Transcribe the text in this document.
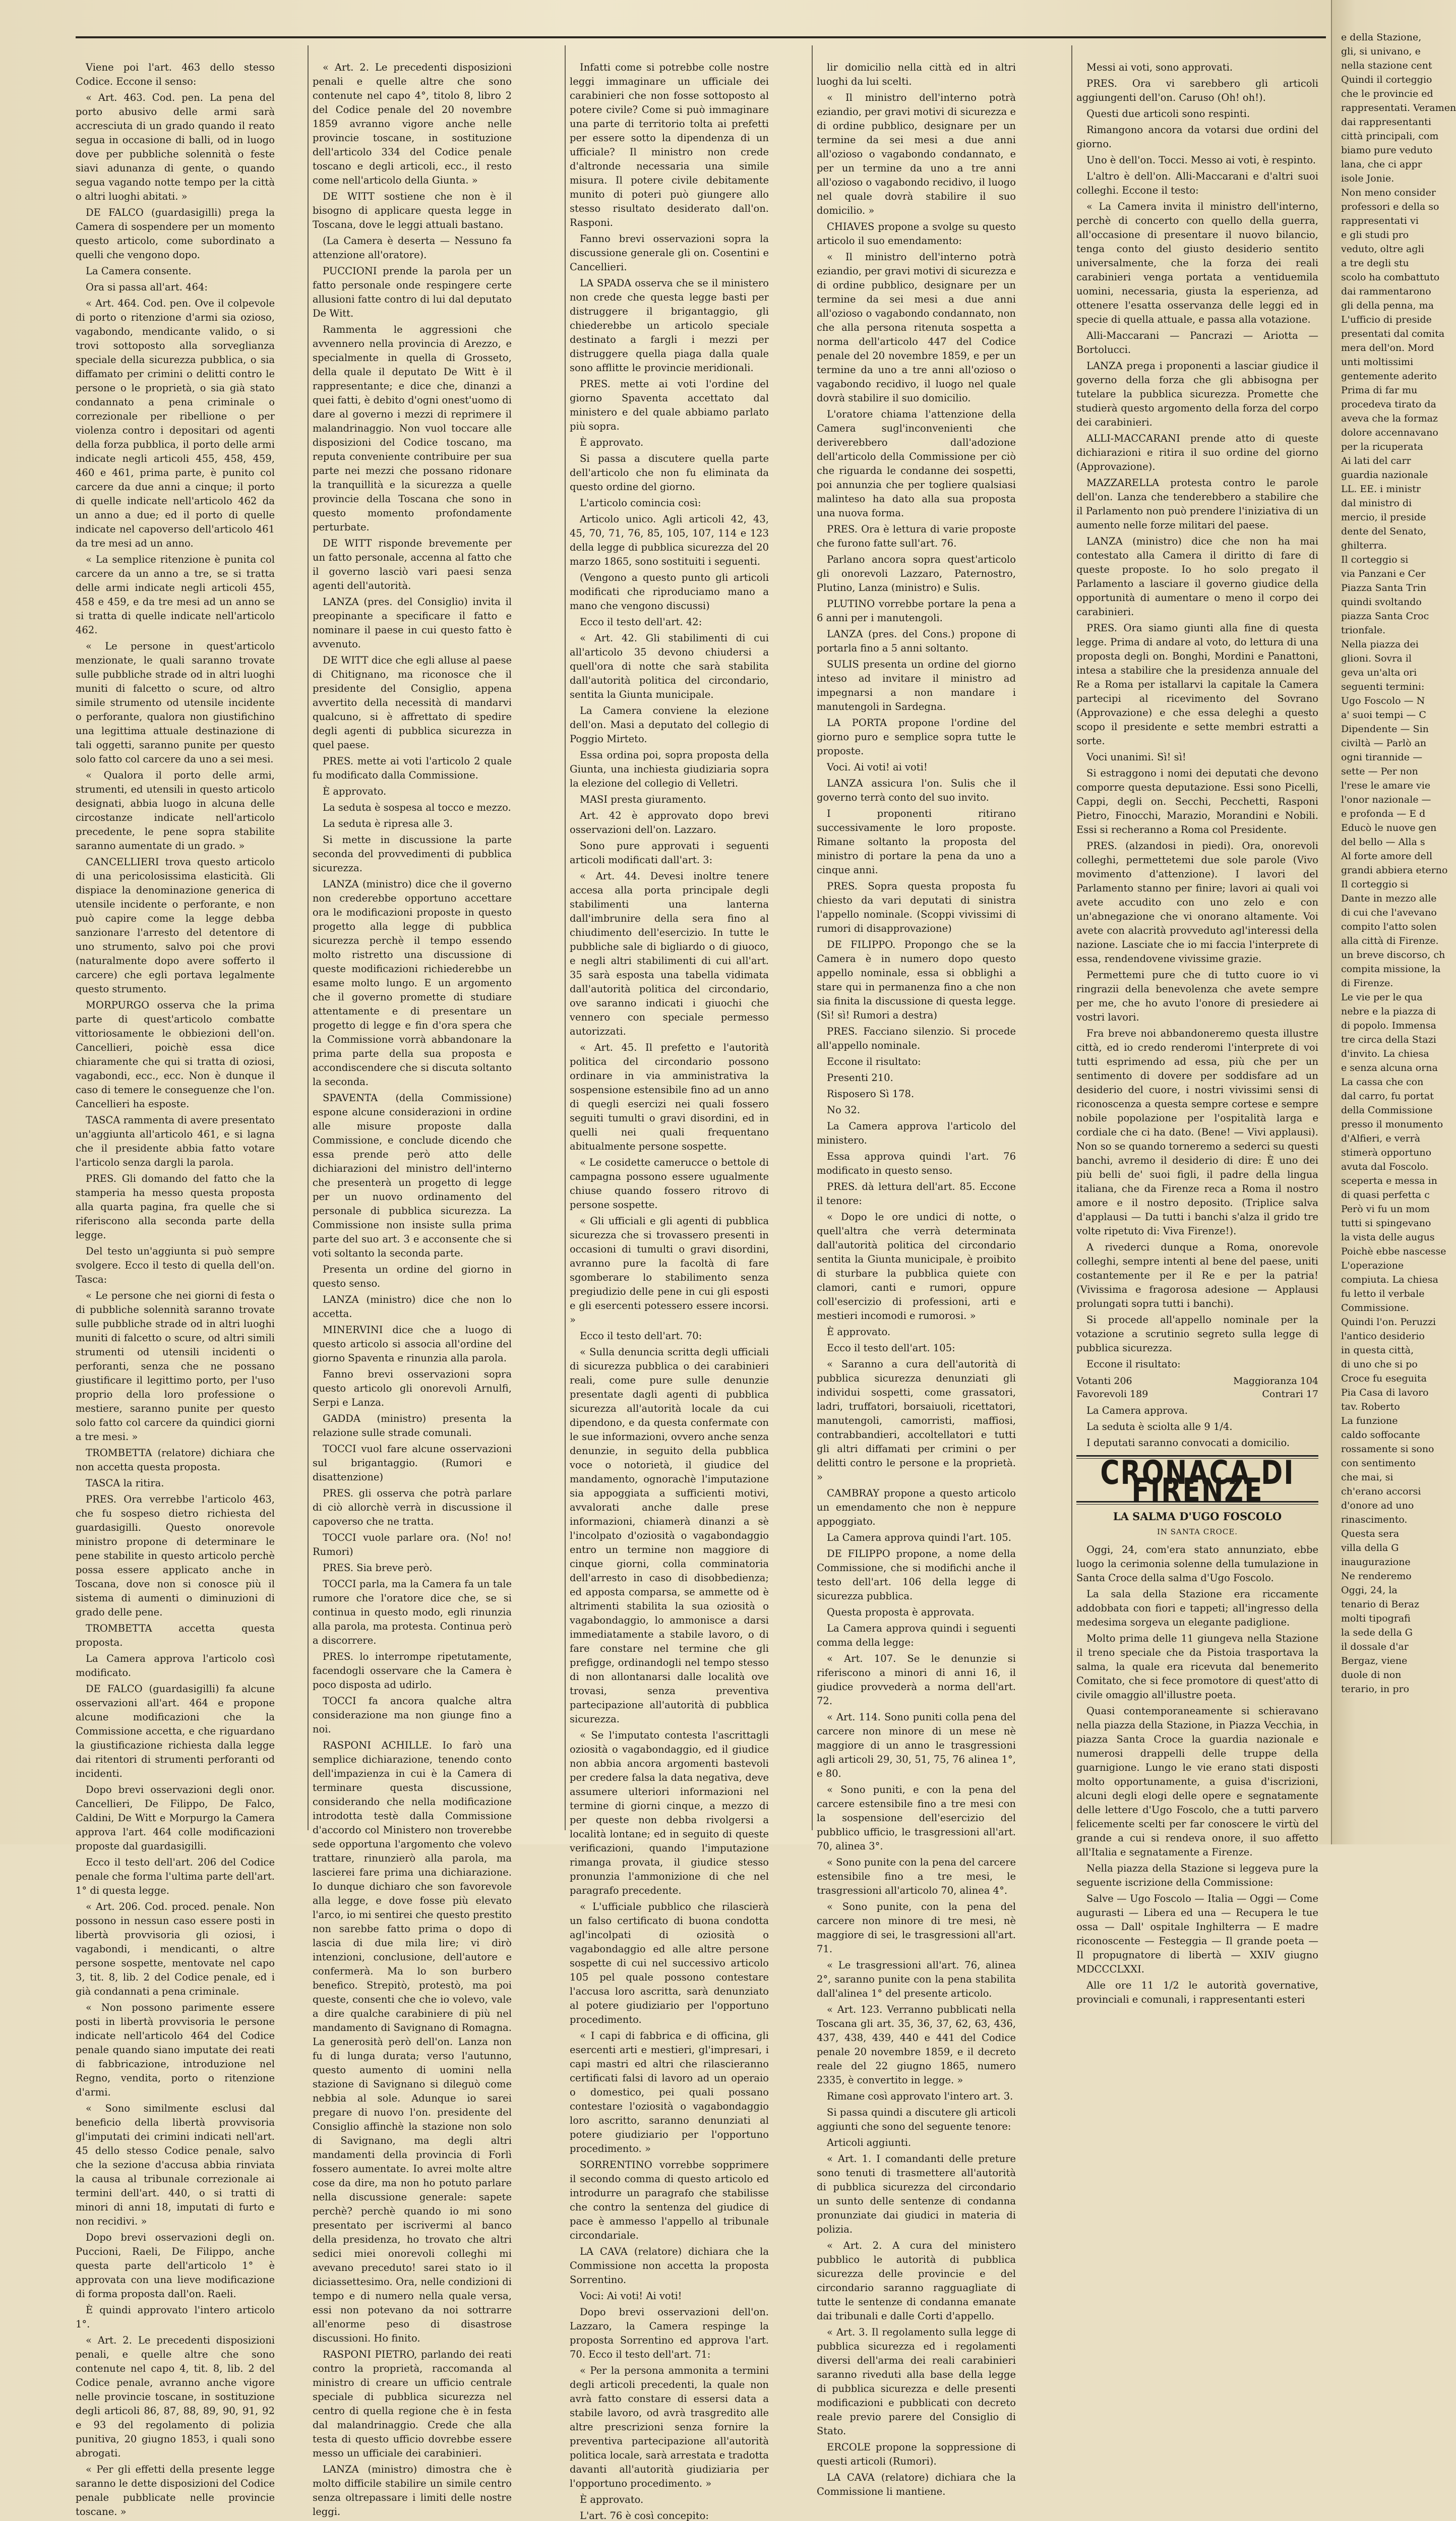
Viene poi l'art. 463 dello stesso Codice. Eccone il senso:

« Art. 463. Cod. pen. La pena del porto abusivo delle armi sarà accresciuta di un grado quando il reato segua in occasione di balli, od in luogo dove per pubbliche solennità o feste siavi adunanza di gente, o quando segua vagando notte tempo per la città o altri luoghi abitati. »

DE FALCO (guardasigilli) prega la Camera di sospendere per un momento questo articolo, come subordinato a quelli che vengono dopo.

La Camera consente.

Ora si passa all'art. 464:

« Art. 464. Cod. pen. Ove il colpevole di porto o ritenzione d'armi sia ozioso, vagabondo, mendicante valido, o si trovi sottoposto alla sorveglianza speciale della sicurezza pubblica, o sia diffamato per crimini o delitti contro le persone o le proprietà, o sia già stato condannato a pena criminale o correzionale per ribellione o per violenza contro i depositari od agenti della forza pubblica, il porto delle armi indicate negli articoli 455, 458, 459, 460 e 461, prima parte, è punito col carcere da due anni a cinque; il porto di quelle indicate nell'articolo 462 da un anno a due; ed il porto di quelle indicate nel capoverso dell'articolo 461 da tre mesi ad un anno.

« La semplice ritenzione è punita col carcere da un anno a tre, se si tratta delle armi indicate negli articoli 455, 458 e 459, e da tre mesi ad un anno se si tratta di quelle indicate nell'articolo 462.

« Le persone in quest'articolo menzionate, le quali saranno trovate sulle pubbliche strade od in altri luoghi muniti di falcetto o scure, od altro simile strumento od utensile incidente o perforante, qualora non giustifichino una legittima attuale destinazione di tali oggetti, saranno punite per questo solo fatto col carcere da uno a sei mesi.

« Qualora il porto delle armi, strumenti, ed utensili in questo articolo designati, abbia luogo in alcuna delle circostanze indicate nell'articolo precedente, le pene sopra stabilite saranno aumentate di un grado. »

CANCELLIERI trova questo articolo di una pericolosissima elasticità. Gli dispiace la denominazione generica di utensile incidente o perforante, e non può capire come la legge debba sanzionare l'arresto del detentore di uno strumento, salvo poi che provi (naturalmente dopo avere sofferto il carcere) che egli portava legalmente questo strumento.

MORPURGO osserva che la prima parte di quest'articolo combatte vittoriosamente le obbiezioni dell'on. Cancellieri, poichè essa dice chiaramente che qui si tratta di oziosi, vagabondi, ecc., ecc. Non è dunque il caso di temere le conseguenze che l'on. Cancellieri ha esposte.

TASCA rammenta di avere presentato un'aggiunta all'articolo 461, e si lagna che il presidente abbia fatto votare l'articolo senza dargli la parola.

PRES. Gli domando del fatto che la stamperia ha messo questa proposta alla quarta pagina, fra quelle che si riferiscono alla seconda parte della legge.

Del testo un'aggiunta si può sempre svolgere. Ecco il testo di quella dell'on. Tasca:

« Le persone che nei giorni di festa o di pubbliche solennità saranno trovate sulle pubbliche strade od in altri luoghi muniti di falcetto o scure, od altri simili strumenti od utensili incidenti o perforanti, senza che ne possano giustificare il legittimo porto, per l'uso proprio della loro professione o mestiere, saranno punite per questo solo fatto col carcere da quindici giorni a tre mesi. »

TROMBETTA (relatore) dichiara che non accetta questa proposta.

TASCA la ritira.

PRES. Ora verrebbe l'articolo 463, che fu sospeso dietro richiesta del guardasigilli. Questo onorevole ministro propone di determinare le pene stabilite in questo articolo perchè possa essere applicato anche in Toscana, dove non si conosce più il sistema di aumenti o diminuzioni di grado delle pene.

TROMBETTA accetta questa proposta.

La Camera approva l'articolo così modificato.

DE FALCO (guardasigilli) fa alcune osservazioni all'art. 464 e propone alcune modificazioni che la Commissione accetta, e che riguardano la giustificazione richiesta dalla legge dai ritentori di strumenti perforanti od incidenti.

Dopo brevi osservazioni degli onor. Cancellieri, De Filippo, De Falco, Caldini, De Witt e Morpurgo la Camera approva l'art. 464 colle modificazioni proposte dal guardasigilli.

Ecco il testo dell'art. 206 del Codice penale che forma l'ultima parte dell'art. 1° di questa legge.

« Art. 206. Cod. proced. penale. Non possono in nessun caso essere posti in libertà provvisoria gli oziosi, i vagabondi, i mendicanti, o altre persone sospette, mentovate nel capo 3, tit. 8, lib. 2 del Codice penale, ed i già condannati a pena criminale.

« Non possono parimente essere posti in libertà provvisoria le persone indicate nell'articolo 464 del Codice penale quando siano imputate dei reati di fabbricazione, introduzione nel Regno, vendita, porto o ritenzione d'armi.

« Sono similmente esclusi dal beneficio della libertà provvisoria gl'imputati dei crimini indicati nell'art. 45 dello stesso Codice penale, salvo che la sezione d'accusa abbia rinviata la causa al tribunale correzionale ai termini dell'art. 440, o si tratti di minori di anni 18, imputati di furto e non recidivi. »

Dopo brevi osservazioni degli on. Puccioni, Raeli, De Filippo, anche questa parte dell'articolo 1° è approvata con una lieve modificazione di forma proposta dall'on. Raeli.

È quindi approvato l'intero articolo 1°.

« Art. 2. Le precedenti disposizioni penali, e quelle altre che sono contenute nel capo 4, tit. 8, lib. 2 del Codice penale, avranno anche vigore nelle provincie toscane, in sostituzione degli articoli 86, 87, 88, 89, 90, 91, 92 e 93 del regolamento di polizia punitiva, 20 giugno 1853, i quali sono abrogati.

« Per gli effetti della presente legge saranno le dette disposizioni del Codice penale pubblicate nelle provincie toscane. »

« Art. 2. Le precedenti disposizioni penali e quelle altre che sono contenute nel capo 4°, titolo 8, libro 2 del Codice penale del 20 novembre 1859 avranno vigore anche nelle provincie toscane, in sostituzione dell'articolo 334 del Codice penale toscano e degli articoli, ecc., il resto come nell'articolo della Giunta. »

DE WITT sostiene che non è il bisogno di applicare questa legge in Toscana, dove le leggi attuali bastano.

(La Camera è deserta — Nessuno fa attenzione all'oratore).

PUCCIONI prende la parola per un fatto personale onde respingere certe allusioni fatte contro di lui dal deputato De Witt.

Rammenta le aggressioni che avvennero nella provincia di Arezzo, e specialmente in quella di Grosseto, della quale il deputato De Witt è il rappresentante; e dice che, dinanzi a quei fatti, è debito d'ogni onest'uomo di dare al governo i mezzi di reprimere il malandrinaggio. Non vuol toccare alle disposizioni del Codice toscano, ma reputa conveniente contribuire per sua parte nei mezzi che possano ridonare la tranquillità e la sicurezza a quelle provincie della Toscana che sono in questo momento profondamente perturbate.

DE WITT risponde brevemente per un fatto personale, accenna al fatto che il governo lasciò vari paesi senza agenti dell'autorità.

LANZA (pres. del Consiglio) invita il preopinante a specificare il fatto e nominare il paese in cui questo fatto è avvenuto.

DE WITT dice che egli alluse al paese di Chitignano, ma riconosce che il presidente del Consiglio, appena avvertito della necessità di mandarvi qualcuno, si è affrettato di spedire degli agenti di pubblica sicurezza in quel paese.

PRES. mette ai voti l'articolo 2 quale fu modificato dalla Commissione.

È approvato.

La seduta è sospesa al tocco e mezzo.

La seduta è ripresa alle 3.

Si mette in discussione la parte seconda del provvedimenti di pubblica sicurezza.

LANZA (ministro) dice che il governo non crederebbe opportuno accettare ora le modificazioni proposte in questo progetto alla legge di pubblica sicurezza perchè il tempo essendo molto ristretto una discussione di queste modificazioni richiederebbe un esame molto lungo. E un argomento che il governo promette di studiare attentamente e di presentare un progetto di legge e fin d'ora spera che la Commissione vorrà abbandonare la prima parte della sua proposta e accondiscendere che si discuta soltanto la seconda.

SPAVENTA (della Commissione) espone alcune considerazioni in ordine alle misure proposte dalla Commissione, e conclude dicendo che essa prende però atto delle dichiarazioni del ministro dell'interno che presenterà un progetto di legge per un nuovo ordinamento del personale di pubblica sicurezza. La Commissione non insiste sulla prima parte del suo art. 3 e acconsente che si voti soltanto la seconda parte.

Presenta un ordine del giorno in questo senso.

LANZA (ministro) dice che non lo accetta.

MINERVINI dice che a luogo di questo articolo si associa all'ordine del giorno Spaventa e rinunzia alla parola.

Fanno brevi osservazioni sopra questo articolo gli onorevoli Arnulfi, Serpi e Lanza.

GADDA (ministro) presenta la relazione sulle strade comunali.

TOCCI vuol fare alcune osservazioni sul brigantaggio. (Rumori e disattenzione)

PRES. gli osserva che potrà parlare di ciò allorchè verrà in discussione il capoverso che ne tratta.

TOCCI vuole parlare ora. (No! no! Rumori)

PRES. Sia breve però.

TOCCI parla, ma la Camera fa un tale rumore che l'oratore dice che, se si continua in questo modo, egli rinunzia alla parola, ma protesta. Continua però a discorrere.

PRES. lo interrompe ripetutamente, facendogli osservare che la Camera è poco disposta ad udirlo.

TOCCI fa ancora qualche altra considerazione ma non giunge fino a noi.

RASPONI ACHILLE. Io farò una semplice dichiarazione, tenendo conto dell'impazienza in cui è la Camera di terminare questa discussione, considerando che nella modificazione introdotta testè dalla Commissione d'accordo col Ministero non troverebbe sede opportuna l'argomento che volevo trattare, rinunzierò alla parola, ma lascierei fare prima una dichiarazione. Io dunque dichiaro che son favorevole alla legge, e dove fosse più elevato l'arco, io mi sentirei che questo prestito non sarebbe fatto prima o dopo di lascia di due mila lire; vi dirò intenzioni, conclusione, dell'autore e confermerà. Ma lo son burbero benefico. Strepitò, protestò, ma poi queste, consenti che che io volevo, vale a dire qualche carabiniere di più nel mandamento di Savignano di Romagna. La generosità però dell'on. Lanza non fu di lunga durata; verso l'autunno, questo aumento di uomini nella stazione di Savignano si dileguò come nebbia al sole. Adunque io sarei pregare di nuovo l'on. presidente del Consiglio affinchè la stazione non solo di Savignano, ma degli altri mandamenti della provincia di Forlì fossero aumentate. Io avrei molte altre cose da dire, ma non ho potuto parlare nella discussione generale: sapete perchè? perchè quando io mi sono presentato per iscrivermi al banco della presidenza, ho trovato che altri sedici miei onorevoli colleghi mi avevano preceduto! sarei stato io il diciassettesimo. Ora, nelle condizioni di tempo e di numero nella quale versa, essi non potevano da noi sottrarre all'enorme peso di disastrose discussioni. Ho finito.

RASPONI PIETRO, parlando dei reati contro la proprietà, raccomanda al ministro di creare un ufficio centrale speciale di pubblica sicurezza nel centro di quella regione che è in festa dal malandrinaggio. Crede che alla testa di questo ufficio dovrebbe essere messo un ufficiale dei carabinieri.

LANZA (ministro) dimostra che è molto difficile stabilire un simile centro senza oltrepassare i limiti delle nostre leggi.

Infatti come si potrebbe colle nostre leggi immaginare un ufficiale dei carabinieri che non fosse sottoposto al potere civile? Come si può immaginare una parte di territorio tolta ai prefetti per essere sotto la dipendenza di un ufficiale? Il ministro non crede d'altronde necessaria una simile misura. Il potere civile debitamente munito di poteri può giungere allo stesso risultato desiderato dall'on. Rasponi.

Fanno brevi osservazioni sopra la discussione generale gli on. Cosentini e Cancellieri.

LA SPADA osserva che se il ministero non crede che questa legge basti per distruggere il brigantaggio, gli chiederebbe un articolo speciale destinato a fargli i mezzi per distruggere quella piaga dalla quale sono afflitte le provincie meridionali.

PRES. mette ai voti l'ordine del giorno Spaventa accettato dal ministero e del quale abbiamo parlato più sopra.

È approvato.

Si passa a discutere quella parte dell'articolo che non fu eliminata da questo ordine del giorno.

L'articolo comincia così:

Articolo unico. Agli articoli 42, 43, 45, 70, 71, 76, 85, 105, 107, 114 e 123 della legge di pubblica sicurezza del 20 marzo 1865, sono sostituiti i seguenti.

(Vengono a questo punto gli articoli modificati che riproduciamo mano a mano che vengono discussi)

Ecco il testo dell'art. 42:

« Art. 42. Gli stabilimenti di cui all'articolo 35 devono chiudersi a quell'ora di notte che sarà stabilita dall'autorità politica del circondario, sentita la Giunta municipale.

La Camera conviene la elezione dell'on. Masi a deputato del collegio di Poggio Mirteto.

Essa ordina poi, sopra proposta della Giunta, una inchiesta giudiziaria sopra la elezione del collegio di Velletri.

MASI presta giuramento.

Art. 42 è approvato dopo brevi osservazioni dell'on. Lazzaro.

Sono pure approvati i seguenti articoli modificati dall'art. 3:

« Art. 44. Devesi inoltre tenere accesa alla porta principale degli stabilimenti una lanterna dall'imbrunire della sera fino al chiudimento dell'esercizio. In tutte le pubbliche sale di bigliardo o di giuoco, e negli altri stabilimenti di cui all'art. 35 sarà esposta una tabella vidimata dall'autorità politica del circondario, ove saranno indicati i giuochi che vennero con speciale permesso autorizzati.

« Art. 45. Il prefetto e l'autorità politica del circondario possono ordinare in via amministrativa la sospensione estensibile fino ad un anno di quegli esercizi nei quali fossero seguiti tumulti o gravi disordini, ed in quelli nei quali frequentano abitualmente persone sospette.

« Le cosidette camerucce o bettole di campagna possono essere ugualmente chiuse quando fossero ritrovo di persone sospette.

« Gli ufficiali e gli agenti di pubblica sicurezza che si trovassero presenti in occasioni di tumulti o gravi disordini, avranno pure la facoltà di fare sgomberare lo stabilimento senza pregiudizio delle pene in cui gli esposti e gli esercenti potessero essere incorsi. »

Ecco il testo dell'art. 70:

« Sulla denuncia scritta degli ufficiali di sicurezza pubblica o dei carabinieri reali, come pure sulle denunzie presentate dagli agenti di pubblica sicurezza all'autorità locale da cui dipendono, e da questa confermate con le sue informazioni, ovvero anche senza denunzie, in seguito della pubblica voce o notorietà, il giudice del mandamento, ognorachè l'imputazione sia appoggiata a sufficienti motivi, avvalorati anche dalle prese informazioni, chiamerà dinanzi a sè l'incolpato d'oziosità o vagabondaggio entro un termine non maggiore di cinque giorni, colla comminatoria dell'arresto in caso di disobbedienza; ed apposta comparsa, se ammette od è altrimenti stabilita la sua oziosità o vagabondaggio, lo ammonisce a darsi immediatamente a stabile lavoro, o di fare constare nel termine che gli prefigge, ordinandogli nel tempo stesso di non allontanarsi dalle località ove trovasi, senza preventiva partecipazione all'autorità di pubblica sicurezza.

« Se l'imputato contesta l'ascrittagli oziosità o vagabondaggio, ed il giudice non abbia ancora argomenti bastevoli per credere falsa la data negativa, deve assumere ulteriori informazioni nel termine di giorni cinque, a mezzo di per queste non debba rivolgersi a località lontane; ed in seguito di queste verificazioni, quando l'imputazione rimanga provata, il giudice stesso pronunzia l'ammonizione di che nel paragrafo precedente.

« L'ufficiale pubblico che rilascierà un falso certificato di buona condotta agl'incolpati di oziosità o vagabondaggio ed alle altre persone sospette di cui nel successivo articolo 105 pel quale possono contestare l'accusa loro ascritta, sarà denunziato al potere giudiziario per l'opportuno procedimento.

« I capi di fabbrica e di officina, gli esercenti arti e mestieri, gl'impresari, i capi mastri ed altri che rilascieranno certificati falsi di lavoro ad un operaio o domestico, pei quali possano contestare l'oziosità o vagabondaggio loro ascritto, saranno denunziati al potere giudiziario per l'opportuno procedimento. »

SORRENTINO vorrebbe sopprimere il secondo comma di questo articolo ed introdurre un paragrafo che stabilisse che contro la sentenza del giudice di pace è ammesso l'appello al tribunale circondariale.

LA CAVA (relatore) dichiara che la Commissione non accetta la proposta Sorrentino.

Voci: Ai voti! Ai voti!

Dopo brevi osservazioni dell'on. Lazzaro, la Camera respinge la proposta Sorrentino ed approva l'art. 70. Ecco il testo dell'art. 71:

« Per la persona ammonita a termini degli articoli precedenti, la quale non avrà fatto constare di essersi data a stabile lavoro, od avrà trasgredito alle altre prescrizioni senza fornire la preventiva partecipazione all'autorità politica locale, sarà arrestata e tradotta davanti all'autorità giudiziaria per l'opportuno procedimento. »

È approvato.

L'art. 76 è così concepito:

lir domicilio nella città ed in altri luoghi da lui scelti.

« Il ministro dell'interno potrà eziandio, per gravi motivi di sicurezza e di ordine pubblico, designare per un termine da sei mesi a due anni all'ozioso o vagabondo condannato, e per un termine da uno a tre anni all'ozioso o vagabondo recidivo, il luogo nel quale dovrà stabilire il suo domicilio. »

CHIAVES propone a svolge su questo articolo il suo emendamento:

« Il ministro dell'interno potrà eziandio, per gravi motivi di sicurezza e di ordine pubblico, designare per un termine da sei mesi a due anni all'ozioso o vagabondo condannato, non che alla persona ritenuta sospetta a norma dell'articolo 447 del Codice penale del 20 novembre 1859, e per un termine da uno a tre anni all'ozioso o vagabondo recidivo, il luogo nel quale dovrà stabilire il suo domicilio.

L'oratore chiama l'attenzione della Camera sugl'inconvenienti che deriverebbero dall'adozione dell'articolo della Commissione per ciò che riguarda le condanne dei sospetti, poi annunzia che per togliere qualsiasi malinteso ha dato alla sua proposta una nuova forma.

PRES. Ora è lettura di varie proposte che furono fatte sull'art. 76.

Parlano ancora sopra quest'articolo gli onorevoli Lazzaro, Paternostro, Plutino, Lanza (ministro) e Sulis.

PLUTINO vorrebbe portare la pena a 6 anni per i manutengoli.

LANZA (pres. del Cons.) propone di portarla fino a 5 anni soltanto.

SULIS presenta un ordine del giorno inteso ad invitare il ministro ad impegnarsi a non mandare i manutengoli in Sardegna.

LA PORTA propone l'ordine del giorno puro e semplice sopra tutte le proposte.

Voci. Ai voti! ai voti!

LANZA assicura l'on. Sulis che il governo terrà conto del suo invito.

I proponenti ritirano successivamente le loro proposte. Rimane soltanto la proposta del ministro di portare la pena da uno a cinque anni.

PRES. Sopra questa proposta fu chiesto da vari deputati di sinistra l'appello nominale. (Scoppi vivissimi di rumori di disapprovazione)

DE FILIPPO. Propongo che se la Camera è in numero dopo questo appello nominale, essa si obblighi a stare qui in permanenza fino a che non sia finita la discussione di questa legge. (Sì! sì! Rumori a destra)

PRES. Facciano silenzio. Si procede all'appello nominale.

Eccone il risultato:

Presenti 210.

Risposero Sì 178.

No 32.

La Camera approva l'articolo del ministero.

Essa approva quindi l'art. 76 modificato in questo senso.

PRES. dà lettura dell'art. 85. Eccone il tenore:

« Dopo le ore undici di notte, o quell'altra che verrà determinata dall'autorità politica del circondario sentita la Giunta municipale, è proibito di sturbare la pubblica quiete con clamori, canti e rumori, oppure coll'esercizio di professioni, arti e mestieri incomodi e rumorosi. »

È approvato.

Ecco il testo dell'art. 105:

« Saranno a cura dell'autorità di pubblica sicurezza denunziati gli individui sospetti, come grassatori, ladri, truffatori, borsaiuoli, ricettatori, manutengoli, camorristi, maffiosi, contrabbandieri, accoltellatori e tutti gli altri diffamati per crimini o per delitti contro le persone e la proprietà. »

CAMBRAY propone a questo articolo un emendamento che non è neppure appoggiato.

La Camera approva quindi l'art. 105.

DE FILIPPO propone, a nome della Commissione, che si modifichi anche il testo dell'art. 106 della legge di sicurezza pubblica.

Questa proposta è approvata.

La Camera approva quindi i seguenti comma della legge:

« Art. 107. Se le denunzie si riferiscono a minori di anni 16, il giudice provvederà a norma dell'art. 72.

« Art. 114. Sono puniti colla pena del carcere non minore di un mese nè maggiore di un anno le trasgressioni agli articoli 29, 30, 51, 75, 76 alinea 1°, e 80.

« Sono puniti, e con la pena del carcere estensibile fino a tre mesi con la sospensione dell'esercizio del pubblico ufficio, le trasgressioni all'art. 70, alinea 3°.

« Sono punite con la pena del carcere estensibile fino a tre mesi, le trasgressioni all'articolo 70, alinea 4°.

« Sono punite, con la pena del carcere non minore di tre mesi, nè maggiore di sei, le trasgressioni all'art. 71.

« Le trasgressioni all'art. 76, alinea 2°, saranno punite con la pena stabilita dall'alinea 1° del presente articolo.

« Art. 123. Verranno pubblicati nella Toscana gli art. 35, 36, 37, 62, 63, 436, 437, 438, 439, 440 e 441 del Codice penale 20 novembre 1859, e il decreto reale del 22 giugno 1865, numero 2335, è convertito in legge. »

Rimane così approvato l'intero art. 3.

Si passa quindi a discutere gli articoli aggiunti che sono del seguente tenore:

Articoli aggiunti.

« Art. 1. I comandanti delle preture sono tenuti di trasmettere all'autorità di pubblica sicurezza del circondario un sunto delle sentenze di condanna pronunziate dai giudici in materia di polizia.

« Art. 2. A cura del ministero pubblico le autorità di pubblica sicurezza delle provincie e del circondario saranno ragguagliate di tutte le sentenze di condanna emanate dai tribunali e dalle Corti d'appello.

« Art. 3. Il regolamento sulla legge di pubblica sicurezza ed i regolamenti diversi dell'arma dei reali carabinieri saranno riveduti alla base della legge di pubblica sicurezza e delle presenti modificazioni e pubblicati con decreto reale previo parere del Consiglio di Stato.

ERCOLE propone la soppressione di questi articoli (Rumori).

LA CAVA (relatore) dichiara che la Commissione li mantiene.

Messi ai voti, sono approvati.

PRES. Ora vi sarebbero gli articoli aggiungenti dell'on. Caruso (Oh! oh!).

Questi due articoli sono respinti.

Rimangono ancora da votarsi due ordini del giorno.

Uno è dell'on. Tocci. Messo ai voti, è respinto.

L'altro è dell'on. Alli-Maccarani e d'altri suoi colleghi. Eccone il testo:

« La Camera invita il ministro dell'interno, perchè di concerto con quello della guerra, all'occasione di presentare il nuovo bilancio, tenga conto del giusto desiderio sentito universalmente, che la forza dei reali carabinieri venga portata a ventiduemila uomini, necessaria, giusta la esperienza, ad ottenere l'esatta osservanza delle leggi ed in specie di quella attuale, e passa alla votazione.

Alli-Maccarani — Pancrazi — Ariotta — Bortolucci.

LANZA prega i proponenti a lasciar giudice il governo della forza che gli abbisogna per tutelare la pubblica sicurezza. Promette che studierà questo argomento della forza del corpo dei carabinieri.

ALLI-MACCARANI prende atto di queste dichiarazioni e ritira il suo ordine del giorno (Approvazione).

MAZZARELLA protesta contro le parole dell'on. Lanza che tenderebbero a stabilire che il Parlamento non può prendere l'iniziativa di un aumento nelle forze militari del paese.

LANZA (ministro) dice che non ha mai contestato alla Camera il diritto di fare di queste proposte. Io ho solo pregato il Parlamento a lasciare il governo giudice della opportunità di aumentare o meno il corpo dei carabinieri.

PRES. Ora siamo giunti alla fine di questa legge. Prima di andare al voto, do lettura di una proposta degli on. Bonghi, Mordini e Panattoni, intesa a stabilire che la presidenza annuale del Re a Roma per istallarvi la capitale la Camera partecipi al ricevimento del Sovrano (Approvazione) e che essa deleghi a questo scopo il presidente e sette membri estratti a sorte.

Voci unanimi. Sì! sì!

Si estraggono i nomi dei deputati che devono comporre questa deputazione. Essi sono Picelli, Cappi, degli on. Secchi, Pecchetti, Rasponi Pietro, Finocchi, Marazio, Morandini e Nobili. Essi si recheranno a Roma col Presidente.

PRES. (alzandosi in piedi). Ora, onorevoli colleghi, permettetemi due sole parole (Vivo movimento d'attenzione). I lavori del Parlamento stanno per finire; lavori ai quali voi avete accudito con uno zelo e con un'abnegazione che vi onorano altamente. Voi avete con alacrità provveduto agl'interessi della nazione. Lasciate che io mi faccia l'interprete di essa, rendendovene vivissime grazie.

Permettemi pure che di tutto cuore io vi ringrazii della benevolenza che avete sempre per me, che ho avuto l'onore di presiedere ai vostri lavori.

Fra breve noi abbandoneremo questa illustre città, ed io credo renderomi l'interprete di voi tutti esprimendo ad essa, più che per un sentimento di dovere per soddisfare ad un desiderio del cuore, i nostri vivissimi sensi di riconoscenza a questa sempre cortese e sempre nobile popolazione per l'ospitalità larga e cordiale che ci ha dato. (Bene! — Vivi applausi). Non so se quando torneremo a sederci su questi banchi, avremo il desiderio di dire: È uno dei più belli de' suoi figli, il padre della lingua italiana, che da Firenze reca a Roma il nostro amore e il nostro deposito. (Triplice salva d'applausi — Da tutti i banchi s'alza il grido tre volte ripetuto di: Viva Firenze!).

A rivederci dunque a Roma, onorevole colleghi, sempre intenti al bene del paese, uniti costantemente per il Re e per la patria! (Vivissima e fragorosa adesione — Applausi prolungati sopra tutti i banchi).

Si procede all'appello nominale per la votazione a scrutinio segreto sulla legge di pubblica sicurezza.

Eccone il risultato:

Votanti 206	Maggioranza 104
Favorevoli 189	Contrari 17

La Camera approva.

La seduta è sciolta alle 9 1/4.

I deputati saranno convocati a domicilio.

CRONACA DI FIRENZE
LA SALMA D'UGO FOSCOLO
IN SANTA CROCE.

Oggi, 24, com'era stato annunziato, ebbe luogo la cerimonia solenne della tumulazione in Santa Croce della salma d'Ugo Foscolo.

La sala della Stazione era riccamente addobbata con fiori e tappeti; all'ingresso della medesima sorgeva un elegante padiglione.

Molto prima delle 11 giungeva nella Stazione il treno speciale che da Pistoia trasportava la salma, la quale era ricevuta dal benemerito Comitato, che si fece promotore di quest'atto di civile omaggio all'illustre poeta.

Quasi contemporaneamente si schieravano nella piazza della Stazione, in Piazza Vecchia, in piazza Santa Croce la guardia nazionale e numerosi drappelli delle truppe della guarnigione. Lungo le vie erano stati disposti molto opportunamente, a guisa d'iscrizioni, alcuni degli elogi delle opere e segnatamente delle lettere d'Ugo Foscolo, che a tutti parvero felicemente scelti per far conoscere le virtù del grande a cui si rendeva onore, il suo affetto all'Italia e segnatamente a Firenze.

Nella piazza della Stazione si leggeva pure la seguente iscrizione della Commissione:

Salve — Ugo Foscolo — Italia — Oggi — Come augurasti — Libera ed una — Recupera le tue ossa — Dall' ospitale Inghilterra — E madre riconoscente — Festeggia — Il grande poeta — Il propugnatore di libertà — XXIV giugno MDCCCLXXI.

Alle ore 11 1/2 le autorità governative, provinciali e comunali, i rappresentanti esteri

e della Stazione,
gli, si univano, e
nella stazione cent
Quindi il corteggio
che le provincie ed
rappresentati. Veramen
dai rappresentanti
città principali, com
biamo pure veduto
lana, che ci appr
isole Jonie.
Non meno consider
professori e della so
rappresentati vi
e gli studi pro
veduto, oltre agli
a tre degli stu
scolo ha combattuto
dai rammentarono
gli della penna, ma
L'ufficio di preside
presentati dal comita
mera dell'on. Mord
unti moltissimi
gentemente aderito
Prima di far mu
procedeva tirato da
aveva che la formaz
dolore accennavano
per la ricuperata
Ai lati del carr
guardia nazionale
LL. EE. i ministr
dal ministro di
mercio, il preside
dente del Senato,
ghilterra.
Il corteggio si
via Panzani e Cer
Piazza Santa Trin
quindi svoltando
piazza Santa Croc
trionfale.
Nella piazza dei
glioni. Sovra il
geva un'alta ori
seguenti termini:
Ugo Foscolo — N
a' suoi tempi — C
Dipendente — Sin
civiltà — Parlò an
ogni tirannide —
sette — Per non
l'rese le amare vie
l'onor nazionale —
e profonda — E d
Educò le nuove gen
del bello — Alla s
Al forte amore dell
grandi abbiera eterno
Il corteggio si
Dante in mezzo alle
di cui che l'avevano
compito l'atto solen
alla città di Firenze.
un breve discorso, ch
compita missione, la
di Firenze.
Le vie per le qua
nebre e la piazza di
di popolo. Immensa
tre circa della Stazi
d'invito. La chiesa
e senza alcuna orna
La cassa che con
dal carro, fu portat
della Commissione
presso il monumento
d'Alfieri, e verrà
stimerà opportuno
avuta dal Foscolo.
sceperta e messa in
di quasi perfetta c
Però vi fu un mom
tutti si spingevano
la vista delle augus
Poichè ebbe nascesse
L'operazione
compiuta. La chiesa
fu letto il verbale
Commissione.
Quindi l'on. Peruzzi
l'antico desiderio
in questa città,
di uno che si po
Croce fu eseguita
Pia Casa di lavoro
tav. Roberto
La funzione
caldo soffocante
rossamente si sono
con sentimento
che mai, si
ch'erano accorsi
d'onore ad uno
rinascimento.
Questa sera
villa della G
inaugurazione
Ne renderemo
Oggi, 24, la
tenario di Beraz
molti tipografi
la sede della G
il dossale d'ar
Bergaz, viene
duole di non
terario, in pro
